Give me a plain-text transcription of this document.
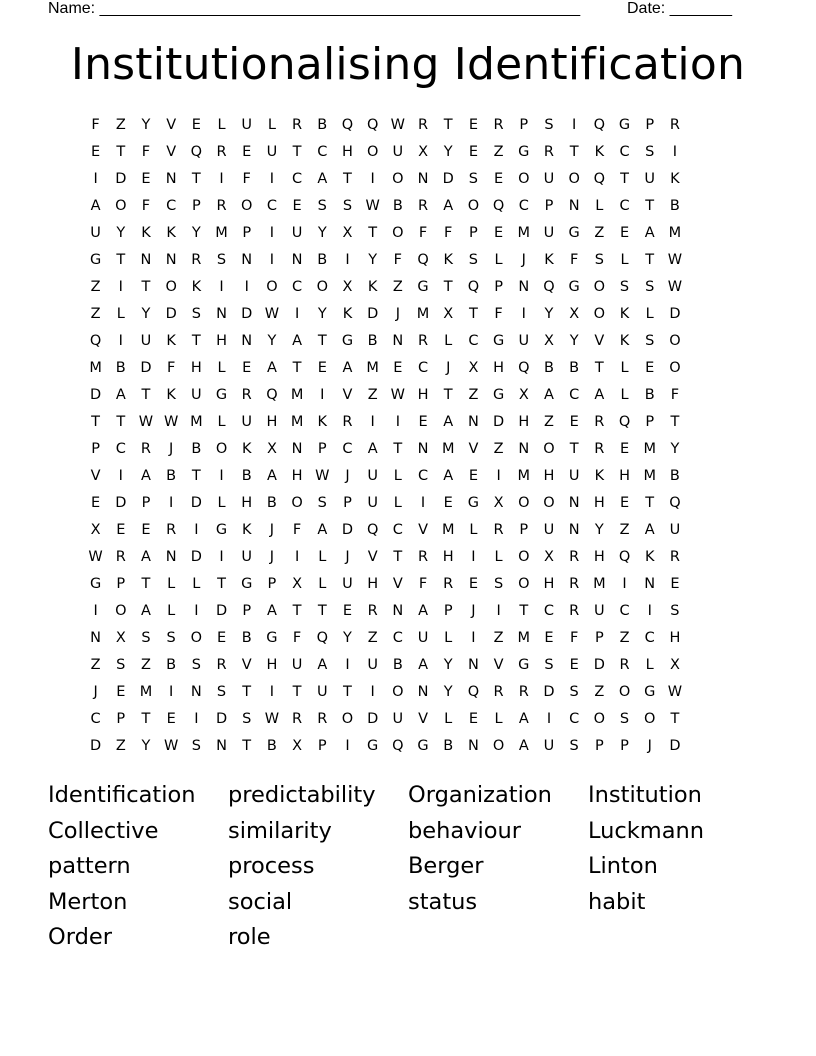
Name: ______________________________________________________	Date: _______
Institutionalising Identification
F	Z	Y	V	E	L	U	L	R	B	Q Q W R	T	E	R	P	S	I	Q G	P	R
E	T	F	V	Q R	E	U	T	C	H O U	X	Y	E	Z	G	R	T	K	C	S	I
I	D	E	N	T	I	F	I	C	A	T	I	O N D	S	E	O U O Q	T	U	K
A	O	F	C	P	R O C	E	S	S W B	R	A	O Q C	P	N	L	C	T	B
U	Y	K	K	Y	M	P	I	U	Y	X	T	O	F	F	P	E M U G	Z	E	A M
G	T	N N	R	S	N	I	N	B	I	Y	F	Q	K	S	L	J	K	F	S	L	T W
Z	I	T	O	K	I	I	O C O	X	K	Z	G	T	Q	P	N Q G O	S	S W
Z	L	Y	D	S	N D W	I	Y	K	D	J	M X	T	F	I	Y	X	O	K	L	D
Q	I	U	K	T	H N	Y	A	T	G	B	N	R	L	C	G U	X	Y	V	K	S	O
M B	D	F	H	L	E	A	T	E	A M E	C	J	X	H Q	B	B	T	L	E	O
D	A	T	K	U G	R Q M	I	V	Z W H	T	Z	G	X	A	C	A	L	B	F
T	T W W M	L	U H M K	R	I	I	E	A	N D H	Z	E	R Q	P	T
P	C	R	J	B	O	K	X	N	P	C	A	T	N M V	Z	N O	T	R	E M	Y
V	I	A	B	T	I	B	A	H W	J	U	L	C	A	E	I	M H U	K	H M B
E	D	P	I	D	L	H	B	O	S	P	U	L	I	E	G	X	O O N H	E	T	Q
X	E	E	R	I	G	K	J	F	A	D Q C	V M	L	R	P	U N	Y	Z	A	U
W R	A	N D	I	U	J	I	L	J	V	T	R	H	I	L	O	X	R	H Q	K	R
G	P	T	L	L	T	G	P	X	L	U H	V	F	R	E	S	O H	R M	I	N	E
I	O	A	L	I	D	P	A	T	T	E	R	N	A	P	J	I	T	C	R	U	C	I	S
N	X	S	S	O	E	B	G	F	Q	Y	Z	C	U	L	I	Z M E	F	P	Z	C	H
Z	S	Z	B	S	R	V	H U	A	I	U	B	A	Y	N	V	G	S	E	D	R	L	X
J	E M	I	N	S	T	I	T	U	T	I	O N	Y	Q R	R	D	S	Z	O G W
C	P	T	E	I	D	S W R	R O D U	V	L	E	L	A	I	C O	S	O	T
D	Z	Y W S	N	T	B	X	P	I	G Q G	B	N O	A	U	S	P	P	J	D
Identification	predictability	Organization	Institution
Collective	similarity	behaviour	Luckmann
pattern	process	Berger	Linton
Merton	social	status	habit
Order	role
